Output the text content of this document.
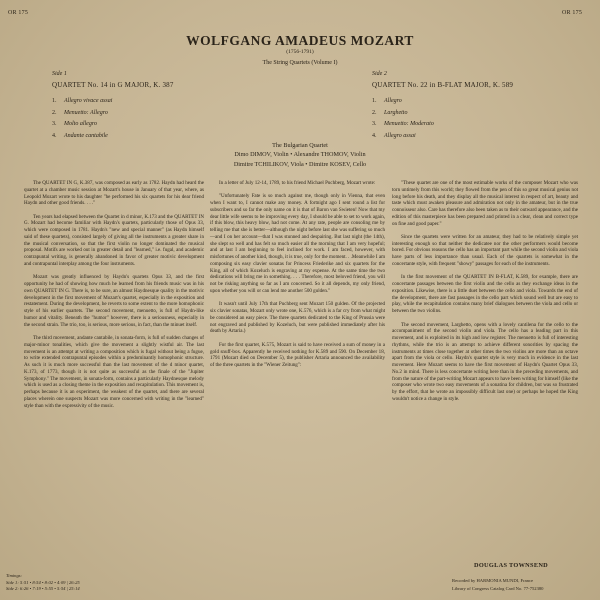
OR 175	OR 175
WOLFGANG AMADEUS MOZART
(1756-1791)
The String Quartets (Volume I)
Side 1
QUARTET No. 14 in G MAJOR, K. 387
1. Allegro vivace assai
2. Menuetto: Allegro
3. Molto allegro
4. Andante cantabile
Side 2
QUARTET No. 22 in B-FLAT MAJOR, K. 589
1. Allegro
2. Larghetto
3. Menuetto: Moderato
4. Allegro assai
The Bulgarian Quartet
Dimo DIMOV, Violin • Alexandre THOMOV, Violin
Dimitre TCHILIKOV, Viola • Dimitre KOSEV, Cello

The QUARTET IN G, K.387, was composed as early as 1782. Haydn had heard the quartet at a chamber music session at Mozart's house in January of that year, where, as Leopold Mozart wrote to his daughter "he performed his six quartets for his dear friend Haydn and other good friends. . . ."

Ten years had elapsed between the Quartet in d minor, K.173 and the QUARTET IN G. Mozart had become familiar with Haydn's quartets, particularly those of Opus 33, which were composed in 1781. Haydn's "new and special manner" (as Haydn himself said of these quartets), consisted largely of giving all the instruments a greater share in the musical conversation, so that the first violin no longer dominated the musical proposal. Motifs are worked out in greater detail and "learned," i.e. fugal, and academic contrapuntal writing, is generally abandoned in favor of greater motivic development and contrapuntal interplay among the four instruments.

Mozart was greatly influenced by Haydn's quartets Opus 33, and the first opportunity he had of showing how much he learned from his friends music was in his own QUARTET IN G. There is, to be sure, an almost Haydnesque quality in the motivic development in the first movement of Mozart's quartet, especially in the exposition and restatement. During the development, he reverts to some extent to the more homophonic style of his earlier quartets. The second movement, menuetto, is full of Haydn-like humor and vitality. Beneath the "humor" however, there is a seriousness, especially in the second strain. The trio, too, is serious, more serious, in fact, than the minuet itself.

The third movement, andante cantabile, in sonata-form, is full of sudden changes of major-minor tonalities, which give the movement a slightly wistful air. The last movement is an attempt at writing a composition which is fugal without being a fugue, to write extended contrapuntal episodes within a predominantly homophonic structure. As such it is much more successful than the last movement of the d minor quartet, K.173, of 1773, though it is not quite as successful as the finale of the "Jupiter Symphony." The movement, in sonata-form, contains a particularly Haydnesque melody which is used as a closing theme in the exposition and recapitulation. This movement is, perhaps because it is an experiment, the weakest of the quartet, and there are several places wherein one suspects Mozart was more concerned with writing in the "learned" style than with the expressivity of the music.

In a letter of July 12-14, 1789, to his friend Michael Puchberg, Mozart wrote:

"Unfortunately Fate is so much against me, though only in Vienna, that even when I want to, I cannot make any money. A fortnight ago I sent round a list for subscribers and so far the only name on it is that of Baron van Swieten! Now that my dear little wife seems to be improving every day, I should be able to set to work again, if this blow, this heavy blow, had not come. At any rate, people are consoling me by telling me that she is better—although the night before last she was suffering so much—and I on her account—that I was stunned and despairing. But last night (the 14th), she slept so well and has felt so much easier all the morning that I am very hopeful; and at last I am beginning to feel inclined for work. I am faced, however, with misfortunes of another kind, though, it is true, only for the moment. . .Meanwhile I am composing six easy clavier sonatas for Princess Friederike and six quartets for the King, all of which Kozeluch is engraving at my expense. At the same time the two dedications will bring me in something. . . . Therefore, most beloved friend, you will not be risking anything so far as I am concerned. So it all depends, my only friend, upon whether you will or can lend me another 500 gulden."

It wasn't until July 17th that Puchberg sent Mozart 150 gulden. Of the projected six clavier sonatas, Mozart only wrote one, K.576, which is a far cry from what might be considered an easy piece. The three quartets dedicated to the King of Prussia were not engraved and published by Kozeluch, but were published immediately after his death by Artaria.)

For the first quartet, K.575, Mozart is said to have received a sum of money in a gold snuff-box. Apparently he received nothing for K.589 and 590. On December 18, 1791 (Mozart died on December 5), the publisher Artaria announced the availability of the three quartets in the "Wiener Zeitung":

"These quartet are one of the most estimable works of the composer Mozart who was torn untimely from this world; they flowed from the pen of this so great musical genius not long before his death, and they display all the musical interest in respect of art, beauty and taste which must awaken pleasure and admiration not only in the amateur, but in the true connoisseur also. Care has therefore also been taken as to their outward appearance, and the edition of this masterpiece has been prepared and printed in a clear, clean and correct type on fine and good paper."

Since the quartets were written for an amateur, they had to be relatively simple yet interesting enough so that neither the dedicatee nor the other performers would become bored. For obvious reasons the cello has an important part while the second violin and viola have parts of less importance than usual. Each of the quartets is somewhat in the concertante style, with frequent "showy" passages for each of the instruments.

In the first movement of the QUARTET IN B-FLAT, K.589, for example, there are concertante passages between the first violin and the cello as they exchange ideas in the exposition. Likewise, there is a little duet between the cello and viola. Towards the end of the development, there are fast passages in the cello part which sound well but are easy to play, while the recapitulation contains many brief dialogues between the viola and cello or between the two violins.

The second movement, Larghetto, opens with a lovely cantilena for the cello to the accompaniment of the second violin and viola. The cello has a leading part in this movement, and is exploited in its high and low register. The menuetto is full of interesting rhythms, while the trio is an attempt to achieve different sonorities by spacing the instruments at times close together at other times the two violins are more than an octave apart from the viola or cello. Haydn's quartet style is very much in evidence in the last movement. Here Mozart seems to have the first movement of Haydn's Quartet Opus 33, No.2 in mind. There is less concertante writing here than in the preceding movements, and from the nature of the part-writing Mozart appears to have been writing for himself (like the composer who wrote two easy movements of a sonatina for children, but was so frustrated by the effort, that he wrote an impossibly difficult last one) or perhaps he hoped the King wouldn't notice a change in style.

DOUGLAS TOWNSEND
Timings:
Side 1: 5:51 • 8:54 • 8:02 • 4:09 | 26:25
Side 2: 6:26 • 7:19 • 5:55 • 5:54 | 25:14
Recorded by HARMONIA MUNDI, France
Library of Congress Catalog Card No. 77-752380
